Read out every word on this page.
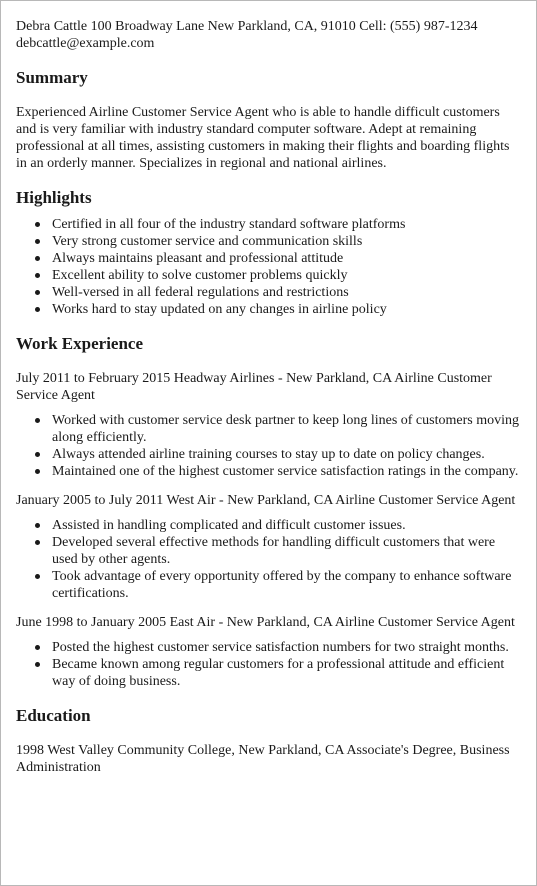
Debra Cattle 100 Broadway Lane New Parkland, CA, 91010 Cell: (555) 987-1234

debcattle@example.com

Summary

Experienced Airline Customer Service Agent who is able to handle difficult customers and is very familiar with industry standard computer software. Adept at remaining professional at all times, assisting customers in making their flights and boarding flights in an orderly manner. Specializes in regional and national airlines.

Highlights
Certified in all four of the industry standard software platforms
Very strong customer service and communication skills
Always maintains pleasant and professional attitude
Excellent ability to solve customer problems quickly
Well-versed in all federal regulations and restrictions
Works hard to stay updated on any changes in airline policy
Work Experience

July 2011 to February 2015 Headway Airlines - New Parkland, CA Airline Customer Service Agent

Worked with customer service desk partner to keep long lines of customers moving along efficiently.
Always attended airline training courses to stay up to date on policy changes.
Maintained one of the highest customer service satisfaction ratings in the company.

January 2005 to July 2011 West Air - New Parkland, CA Airline Customer Service Agent

Assisted in handling complicated and difficult customer issues.
Developed several effective methods for handling difficult customers that were used by other agents.
Took advantage of every opportunity offered by the company to enhance software certifications.

June 1998 to January 2005 East Air - New Parkland, CA Airline Customer Service Agent

Posted the highest customer service satisfaction numbers for two straight months.
Became known among regular customers for a professional attitude and efficient way of doing business.
Education

1998 West Valley Community College, New Parkland, CA Associate's Degree, Business Administration
